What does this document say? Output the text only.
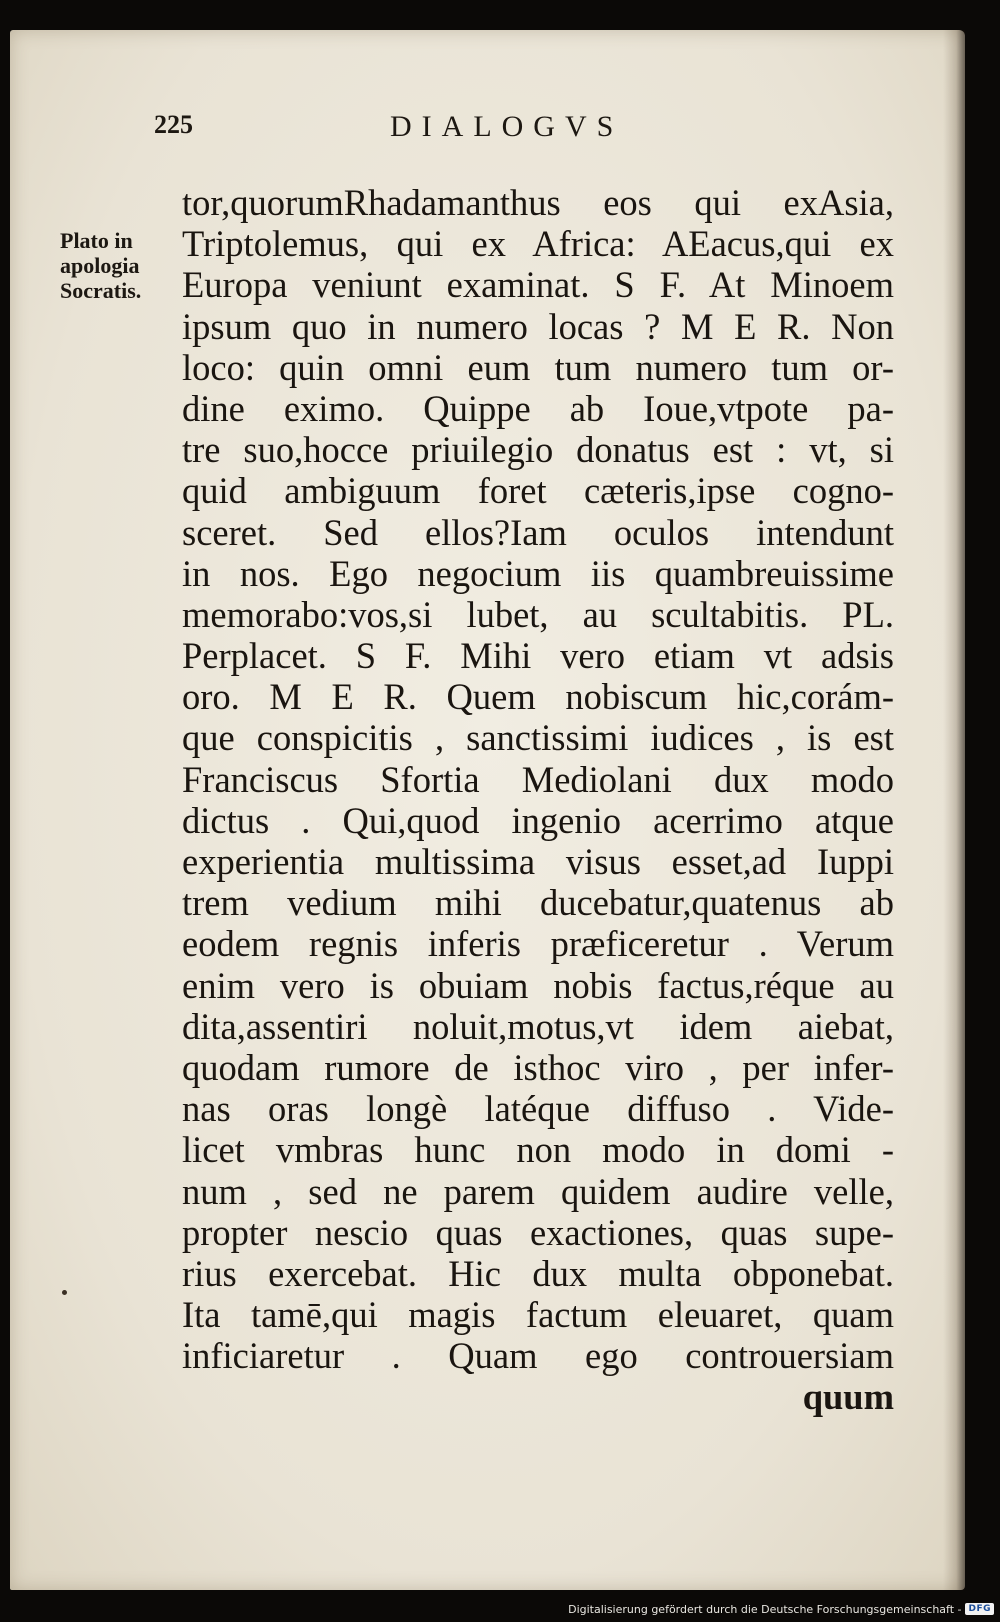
225	DIALOGVS
Plato in
apologia
Socratis.
tor,quorumRhadamanthus eos qui exAsia,
Triptolemus, qui ex Africa: AEacus,qui ex
Europa veniunt examinat. S F. At Minoem
ipsum quo in numero locas ? M E R. Non
loco: quin omni eum tum numero tum or-
dine eximo. Quippe ab Ioue,vtpote pa-
tre suo,hocce priuilegio donatus est : vt, si
quid ambiguum foret cæteris,ipse cogno-
sceret. Sed ellos?Iam oculos intendunt
in nos. Ego negocium iis quambreuissime
memorabo:vos,si lubet, au scultabitis. PL.
Perplacet. S F. Mihi vero etiam vt adsis
oro. M E R. Quem nobiscum hic,corám-
que conspicitis , sanctissimi iudices , is est
Franciscus Sfortia Mediolani dux modo
dictus . Qui,quod ingenio acerrimo atque
experientia multissima visus esset,ad Iuppi
trem vedium mihi ducebatur,quatenus ab
eodem regnis inferis præficeretur . Verum
enim vero is obuiam nobis factus,réque au
dita,assentiri noluit,motus,vt idem aiebat,
quodam rumore de isthoc viro , per infer-
nas oras longè latéque diffuso . Vide-
licet vmbras hunc non modo in domi -
num , sed ne parem quidem audire velle,
propter nescio quas exactiones, quas supe-
rius exercebat. Hic dux multa obponebat.
Ita tamē,qui magis factum eleuaret, quam
inficiaretur . Quam ego controuersiam
quum
Digitalisierung gefördert durch die Deutsche Forschungsgemeinschaft - DFG
